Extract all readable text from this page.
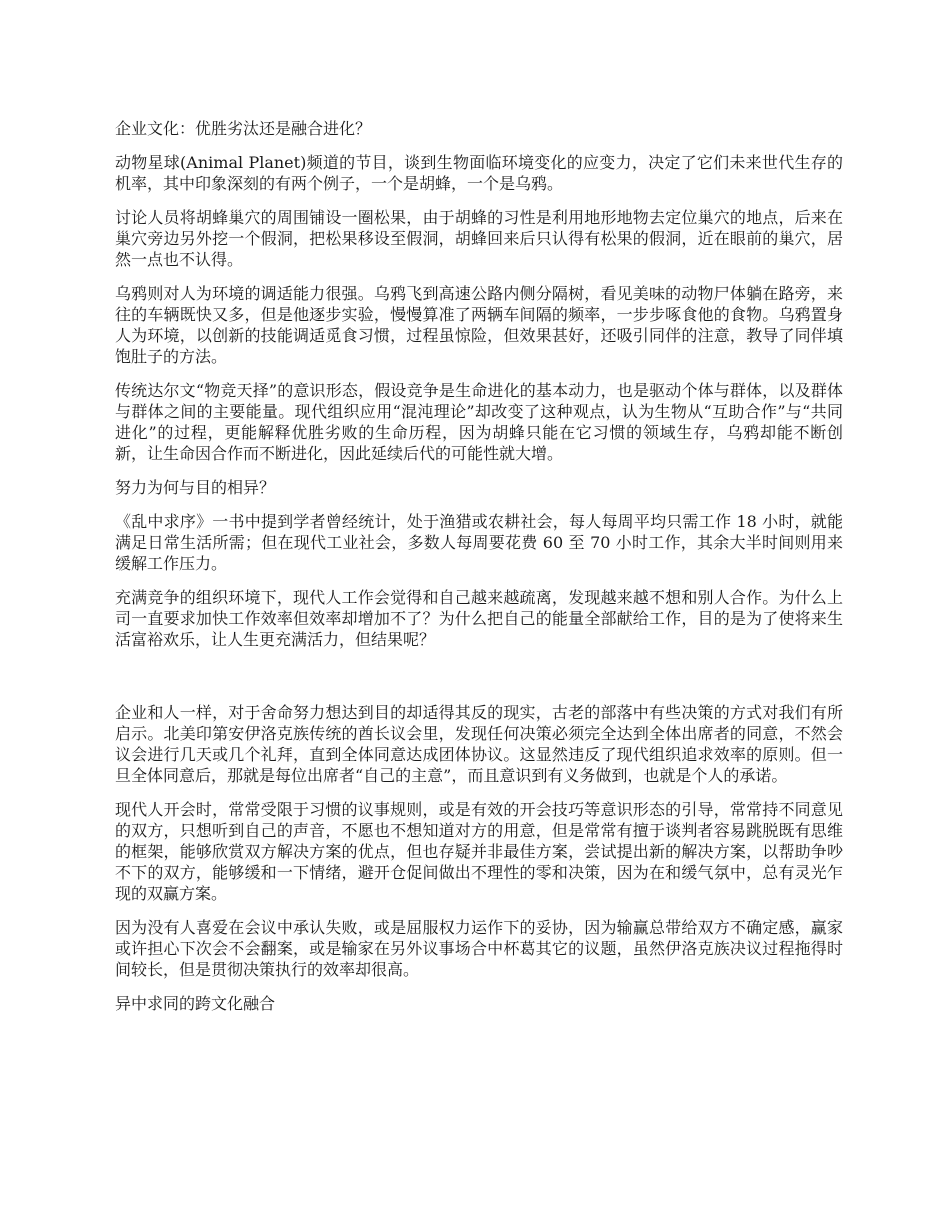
企业文化：优胜劣汰还是融合进化？
动物星球(Animal Planet)频道的节目，谈到生物面临环境变化的应变力，决定了它们未来世代生存的机率，其中印象深刻的有两个例子，一个是胡蜂，一个是乌鸦。
讨论人员将胡蜂巢穴的周围铺设一圈松果，由于胡蜂的习性是利用地形地物去定位巢穴的地点，后来在巢穴旁边另外挖一个假洞，把松果移设至假洞，胡蜂回来后只认得有松果的假洞，近在眼前的巢穴，居然一点也不认得。
乌鸦则对人为环境的调适能力很强。乌鸦飞到高速公路内侧分隔树，看见美味的动物尸体躺在路旁，来往的车辆既快又多，但是他逐步实验，慢慢算准了两辆车间隔的频率，一步步啄食他的食物。乌鸦置身人为环境，以创新的技能调适觅食习惯，过程虽惊险，但效果甚好，还吸引同伴的注意，教导了同伴填饱肚子的方法。
传统达尔文“物竞天择”的意识形态，假设竞争是生命进化的基本动力，也是驱动个体与群体，以及群体与群体之间的主要能量。现代组织应用“混沌理论”却改变了这种观点，认为生物从“互助合作”与“共同进化”的过程，更能解释优胜劣败的生命历程，因为胡蜂只能在它习惯的领域生存，乌鸦却能不断创新，让生命因合作而不断进化，因此延续后代的可能性就大增。
努力为何与目的相异？
《乱中求序》一书中提到学者曾经统计，处于渔猎或农耕社会，每人每周平均只需工作 18 小时，就能满足日常生活所需；但在现代工业社会，多数人每周要花费 60 至 70 小时工作，其余大半时间则用来缓解工作压力。
充满竞争的组织环境下，现代人工作会觉得和自己越来越疏离，发现越来越不想和别人合作。为什么上司一直要求加快工作效率但效率却增加不了？为什么把自己的能量全部献给工作，目的是为了使将来生活富裕欢乐，让人生更充满活力，但结果呢？
企业和人一样，对于舍命努力想达到目的却适得其反的现实，古老的部落中有些决策的方式对我们有所启示。北美印第安伊洛克族传统的酋长议会里，发现任何决策必须完全达到全体出席者的同意，不然会议会进行几天或几个礼拜，直到全体同意达成团体协议。这显然违反了现代组织追求效率的原则。但一旦全体同意后，那就是每位出席者“自己的主意”，而且意识到有义务做到，也就是个人的承诺。
现代人开会时，常常受限于习惯的议事规则，或是有效的开会技巧等意识形态的引导，常常持不同意见的双方，只想听到自己的声音，不愿也不想知道对方的用意，但是常常有擅于谈判者容易跳脱既有思维的框架，能够欣赏双方解决方案的优点，但也存疑并非最佳方案，尝试提出新的解决方案，以帮助争吵不下的双方，能够缓和一下情绪，避开仓促间做出不理性的零和决策，因为在和缓气氛中，总有灵光乍现的双赢方案。
因为没有人喜爱在会议中承认失败，或是屈服权力运作下的妥协，因为输赢总带给双方不确定感，赢家或许担心下次会不会翻案，或是输家在另外议事场合中杯葛其它的议题，虽然伊洛克族决议过程拖得时间较长，但是贯彻决策执行的效率却很高。
异中求同的跨文化融合
